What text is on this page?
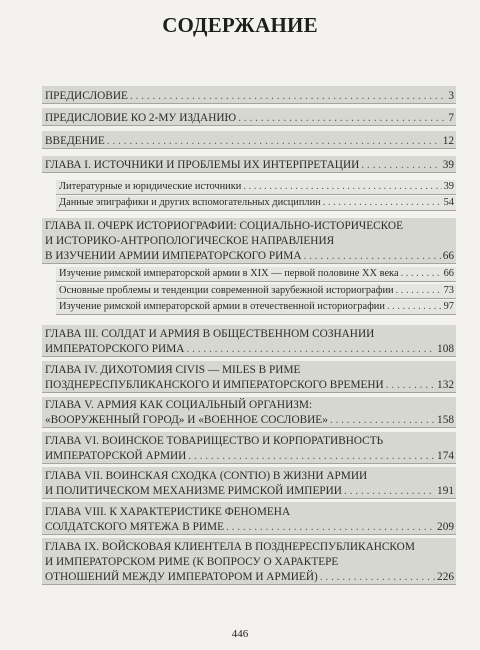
СОДЕРЖАНИЕ
ПРЕДИСЛОВИЕ . . .	3
ПРЕДИСЛОВИЕ КО 2-МУ ИЗДАНИЮ . . .	7
ВВЕДЕНИЕ . . .	12
ГЛАВА I. ИСТОЧНИКИ И ПРОБЛЕМЫ ИХ ИНТЕРПРЕТАЦИИ . . .	39
Литературные и юридические источники . . .	39
Данные эпиграфики и других вспомогательных дисциплин . . .	54
ГЛАВА II. ОЧЕРК ИСТОРИОГРАФИИ: СОЦИАЛЬНО-ИСТОРИЧЕСКОЕ
И ИСТОРИКО-АНТРОПОЛОГИЧЕСКОЕ НАПРАВЛЕНИЯ
В ИЗУЧЕНИИ АРМИИ ИМПЕРАТОРСКОГО РИМА . . .	66
Изучение римской императорской армии в XIX — первой половине XX века . . .	66
Основные проблемы и тенденции современной зарубежной историографии . . .	73
Изучение римской императорской армии в отечественной историографии . . .	97
ГЛАВА III. СОЛДАТ И АРМИЯ В ОБЩЕСТВЕННОМ СОЗНАНИИ
ИМПЕРАТОРСКОГО РИМА . . .	108
ГЛАВА IV. ДИХОТОМИЯ CIVIS — MILES В РИМЕ
ПОЗДНЕРЕСПУБЛИКАНСКОГО И ИМПЕРАТОРСКОГО ВРЕМЕНИ . . .	132
ГЛАВА V. АРМИЯ КАК СОЦИАЛЬНЫЙ ОРГАНИЗМ:
«ВООРУЖЕННЫЙ ГОРОД» И «ВОЕННОЕ СОСЛОВИЕ» . . .	158
ГЛАВА VI. ВОИНСКОЕ ТОВАРИЩЕСТВО И КОРПОРАТИВНОСТЬ
ИМПЕРАТОРСКОЙ АРМИИ . . .	174
ГЛАВА VII. ВОИНСКАЯ СХОДКА (CONTIO) В ЖИЗНИ АРМИИ
И ПОЛИТИЧЕСКОМ МЕХАНИЗМЕ РИМСКОЙ ИМПЕРИИ . . .	191
ГЛАВА VIII. К ХАРАКТЕРИСТИКЕ ФЕНОМЕНА
СОЛДАТСКОГО МЯТЕЖА В РИМЕ . . .	209
ГЛАВА IX. ВОЙСКОВАЯ КЛИЕНТЕЛА В ПОЗДНЕРЕСПУБЛИКАНСКОМ
И ИМПЕРАТОРСКОМ РИМЕ (К ВОПРОСУ О ХАРАКТЕРЕ
ОТНОШЕНИЙ МЕЖДУ ИМПЕРАТОРОМ И АРМИЕЙ) . . .	226
446
